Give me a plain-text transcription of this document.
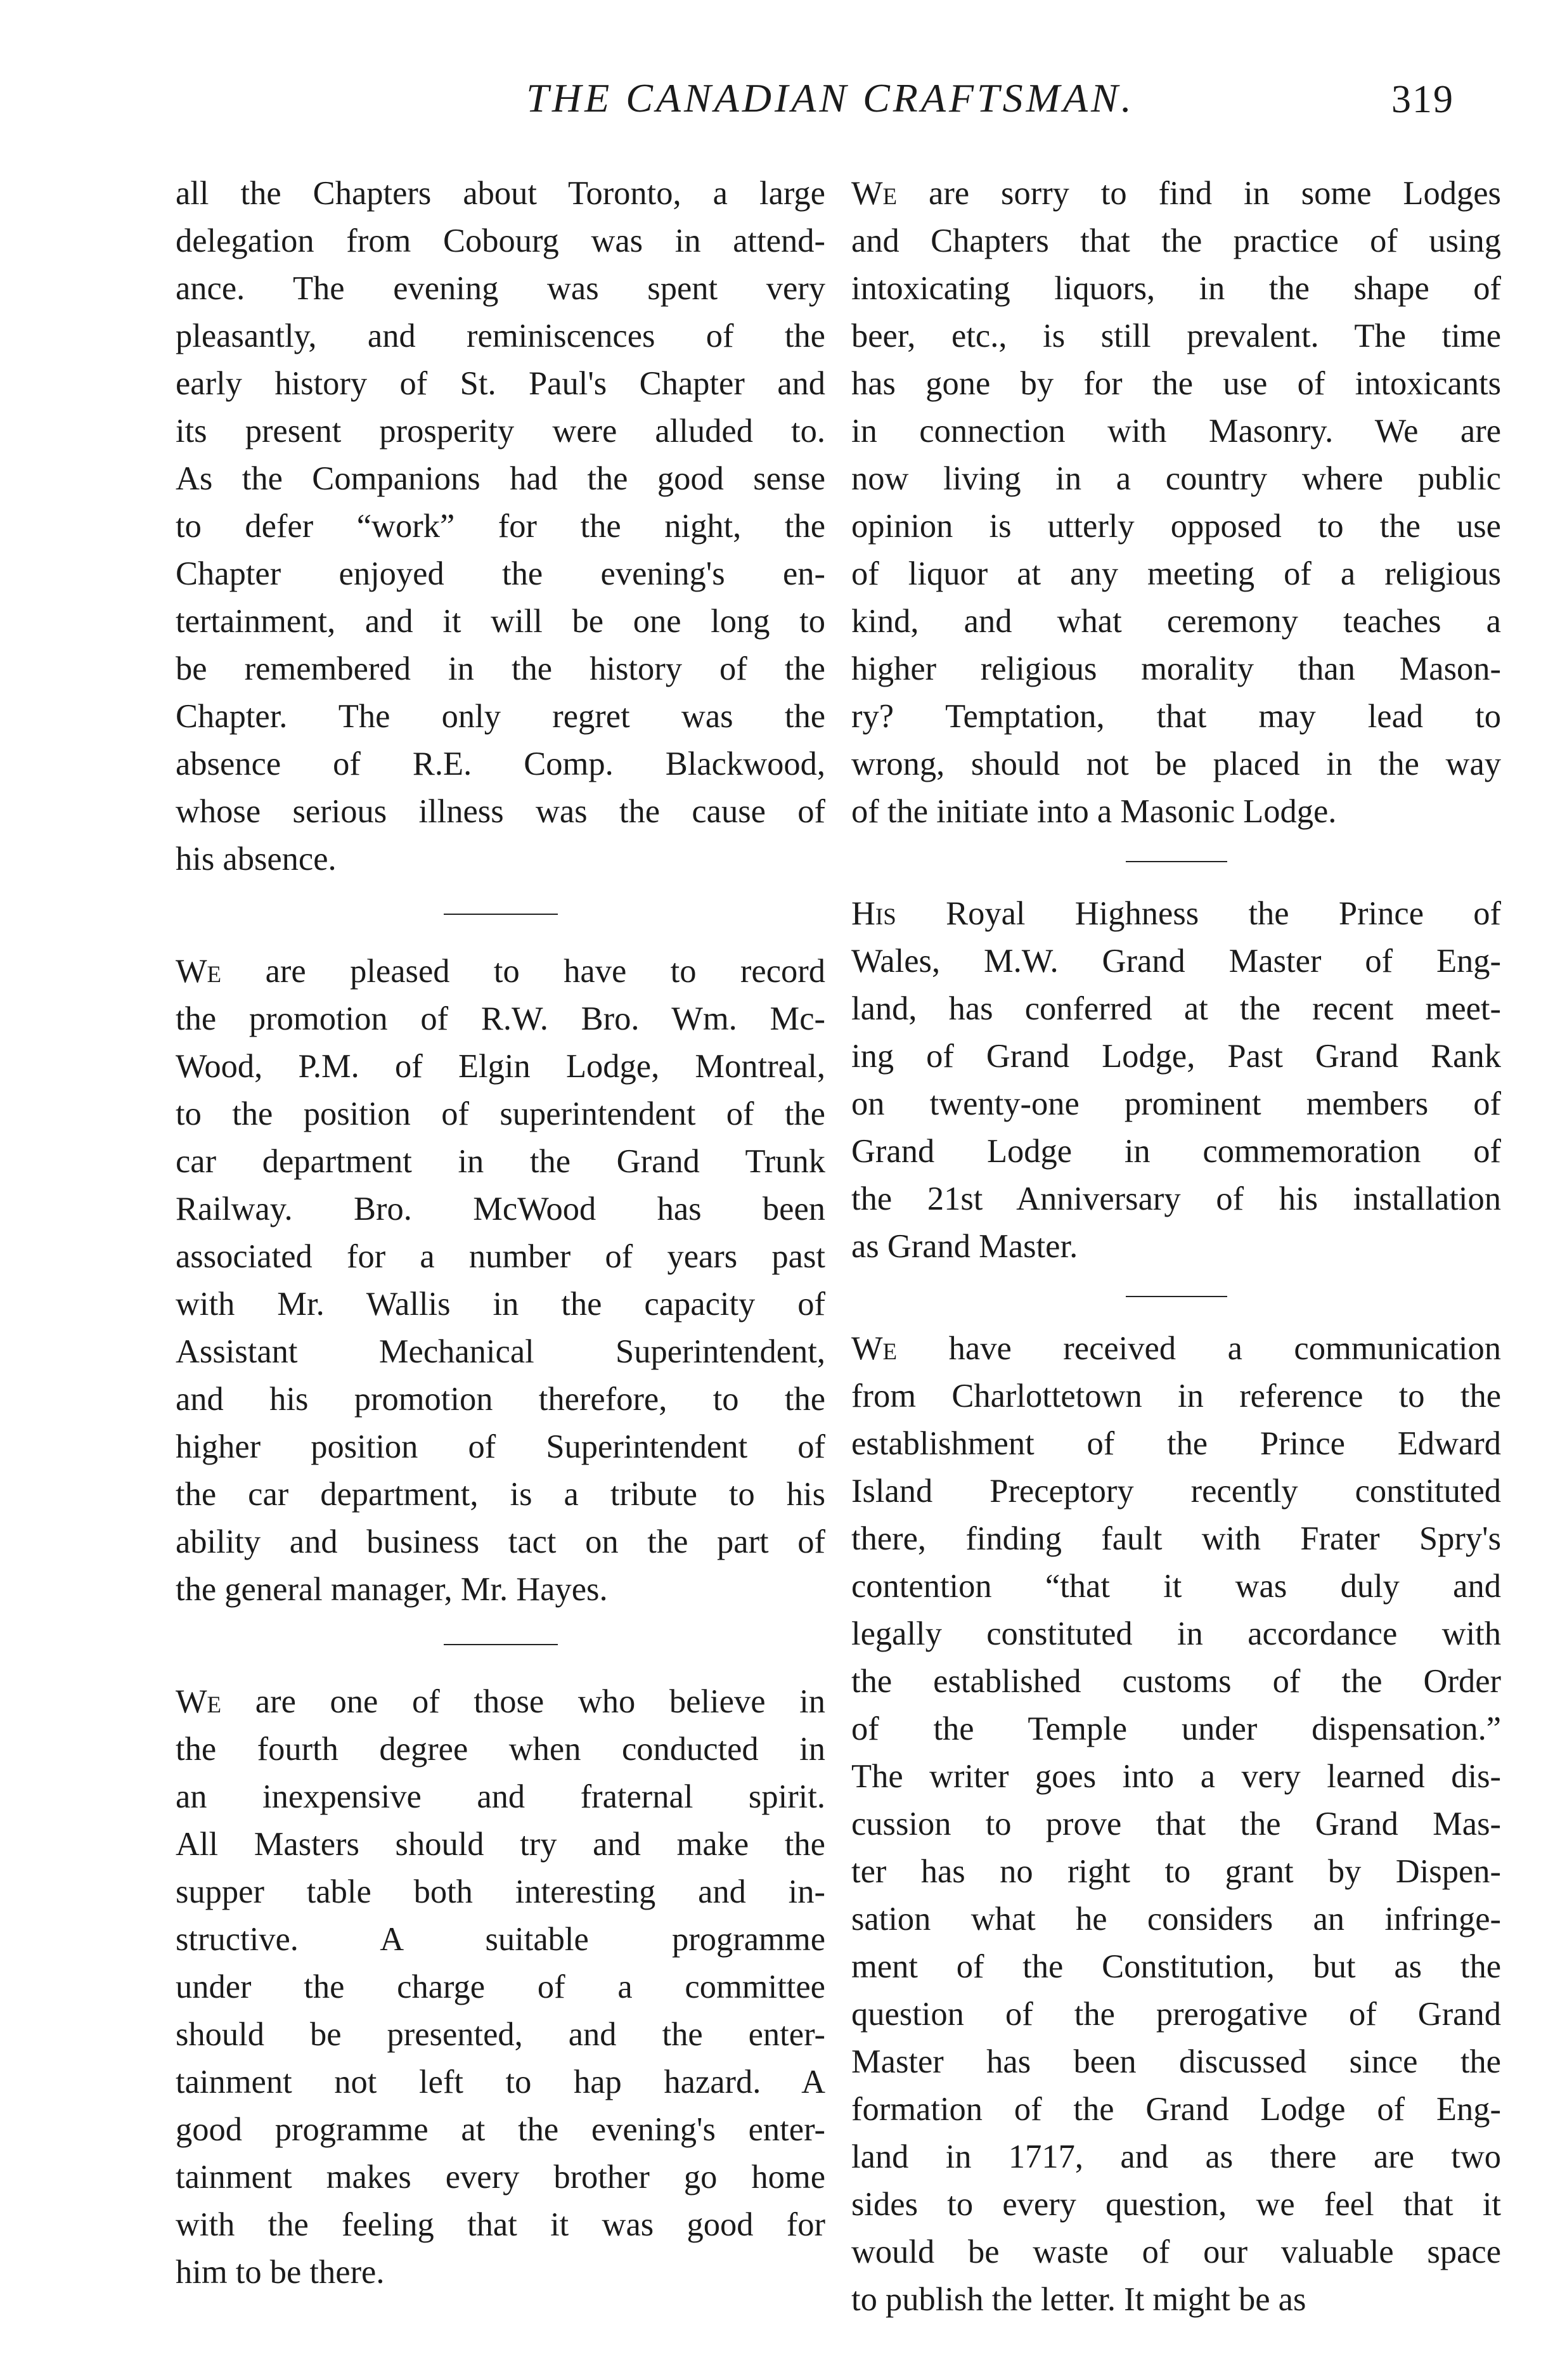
THE CANADIAN CRAFTSMAN.	319
all the Chapters about Toronto, a large
delegation from Cobourg was in attend-
ance. The evening was spent very
pleasantly, and reminiscences of the
early history of St. Paul's Chapter and
its present prosperity were alluded to.
As the Companions had the good sense
to defer “work” for the night, the
Chapter enjoyed the evening's en-
tertainment, and it will be one long to
be remembered in the history of the
Chapter. The only regret was the
absence of R.E. Comp. Blackwood,
whose serious illness was the cause of
his absence.
We are pleased to have to record
the promotion of R.W. Bro. Wm. Mc-
Wood, P.M. of Elgin Lodge, Montreal,
to the position of superintendent of the
car department in the Grand Trunk
Railway. Bro. McWood has been
associated for a number of years past
with Mr. Wallis in the capacity of
Assistant Mechanical Superintendent,
and his promotion therefore, to the
higher position of Superintendent of
the car department, is a tribute to his
ability and business tact on the part of
the general manager, Mr. Hayes.
We are one of those who believe in
the fourth degree when conducted in
an inexpensive and fraternal spirit.
All Masters should try and make the
supper table both interesting and in-
structive. A suitable programme
under the charge of a committee
should be presented, and the enter-
tainment not left to hap hazard. A
good programme at the evening's enter-
tainment makes every brother go home
with the feeling that it was good for
him to be there.
We are sorry to find in some Lodges
and Chapters that the practice of using
intoxicating liquors, in the shape of
beer, etc., is still prevalent. The time
has gone by for the use of intoxicants
in connection with Masonry. We are
now living in a country where public
opinion is utterly opposed to the use
of liquor at any meeting of a religious
kind, and what ceremony teaches a
higher religious morality than Mason-
ry? Temptation, that may lead to
wrong, should not be placed in the way
of the initiate into a Masonic Lodge.
His Royal Highness the Prince of
Wales, M.W. Grand Master of Eng-
land, has conferred at the recent meet-
ing of Grand Lodge, Past Grand Rank
on twenty-one prominent members of
Grand Lodge in commemoration of
the 21st Anniversary of his installation
as Grand Master.
We have received a communication
from Charlottetown in reference to the
establishment of the Prince Edward
Island Preceptory recently constituted
there, finding fault with Frater Spry's
contention “that it was duly and
legally constituted in accordance with
the established customs of the Order
of the Temple under dispensation.”
The writer goes into a very learned dis-
cussion to prove that the Grand Mas-
ter has no right to grant by Dispen-
sation what he considers an infringe-
ment of the Constitution, but as the
question of the prerogative of Grand
Master has been discussed since the
formation of the Grand Lodge of Eng-
land in 1717, and as there are two
sides to every question, we feel that it
would be waste of our valuable space
to publish the letter. It might be as
